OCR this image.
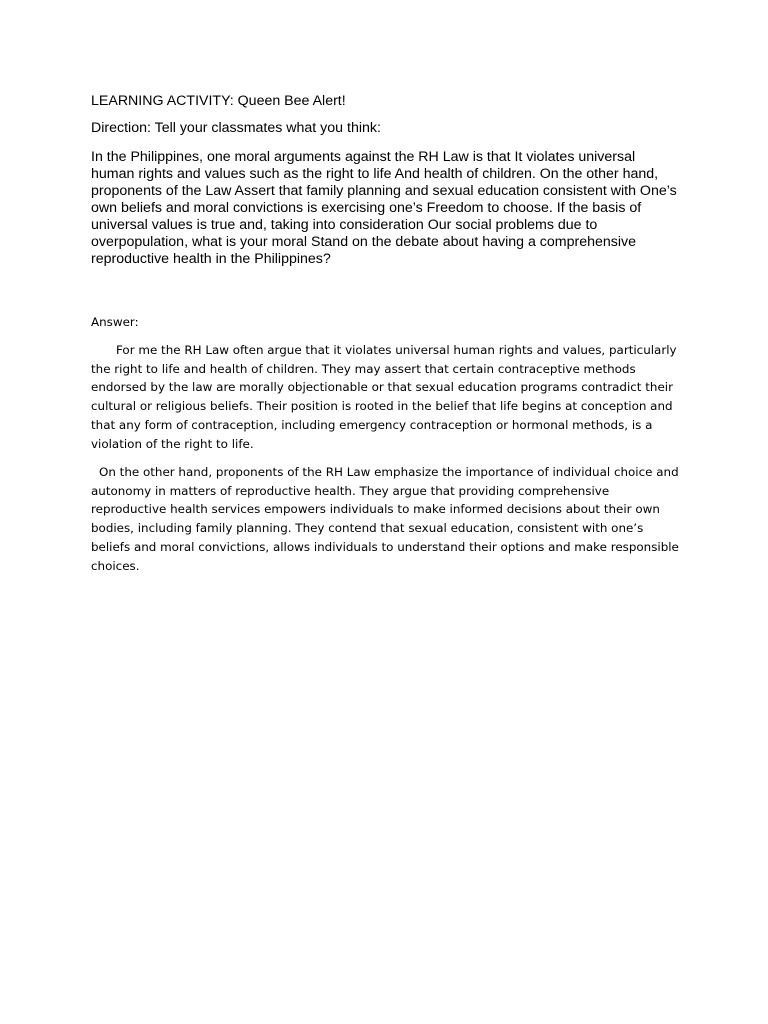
LEARNING ACTIVITY: Queen Bee Alert!

Direction: Tell your classmates what you think:

In the Philippines, one moral arguments against the RH Law is that It violates universal human rights and values such as the right to life And health of children. On the other hand, proponents of the Law Assert that family planning and sexual education consistent with One’s own beliefs and moral convictions is exercising one’s Freedom to choose. If the basis of universal values is true and, taking into consideration Our social problems due to overpopulation, what is your moral Stand on the debate about having a comprehensive reproductive health in the Philippines?

Answer:

For me the RH Law often argue that it violates universal human rights and values, particularly the right to life and health of children. They may assert that certain contraceptive methods endorsed by the law are morally objectionable or that sexual education programs contradict their cultural or religious beliefs. Their position is rooted in the belief that life begins at conception and that any form of contraception, including emergency contraception or hormonal methods, is a violation of the right to life.

On the other hand, proponents of the RH Law emphasize the importance of individual choice and autonomy in matters of reproductive health. They argue that providing comprehensive reproductive health services empowers individuals to make informed decisions about their own bodies, including family planning. They contend that sexual education, consistent with one’s beliefs and moral convictions, allows individuals to understand their options and make responsible choices.
